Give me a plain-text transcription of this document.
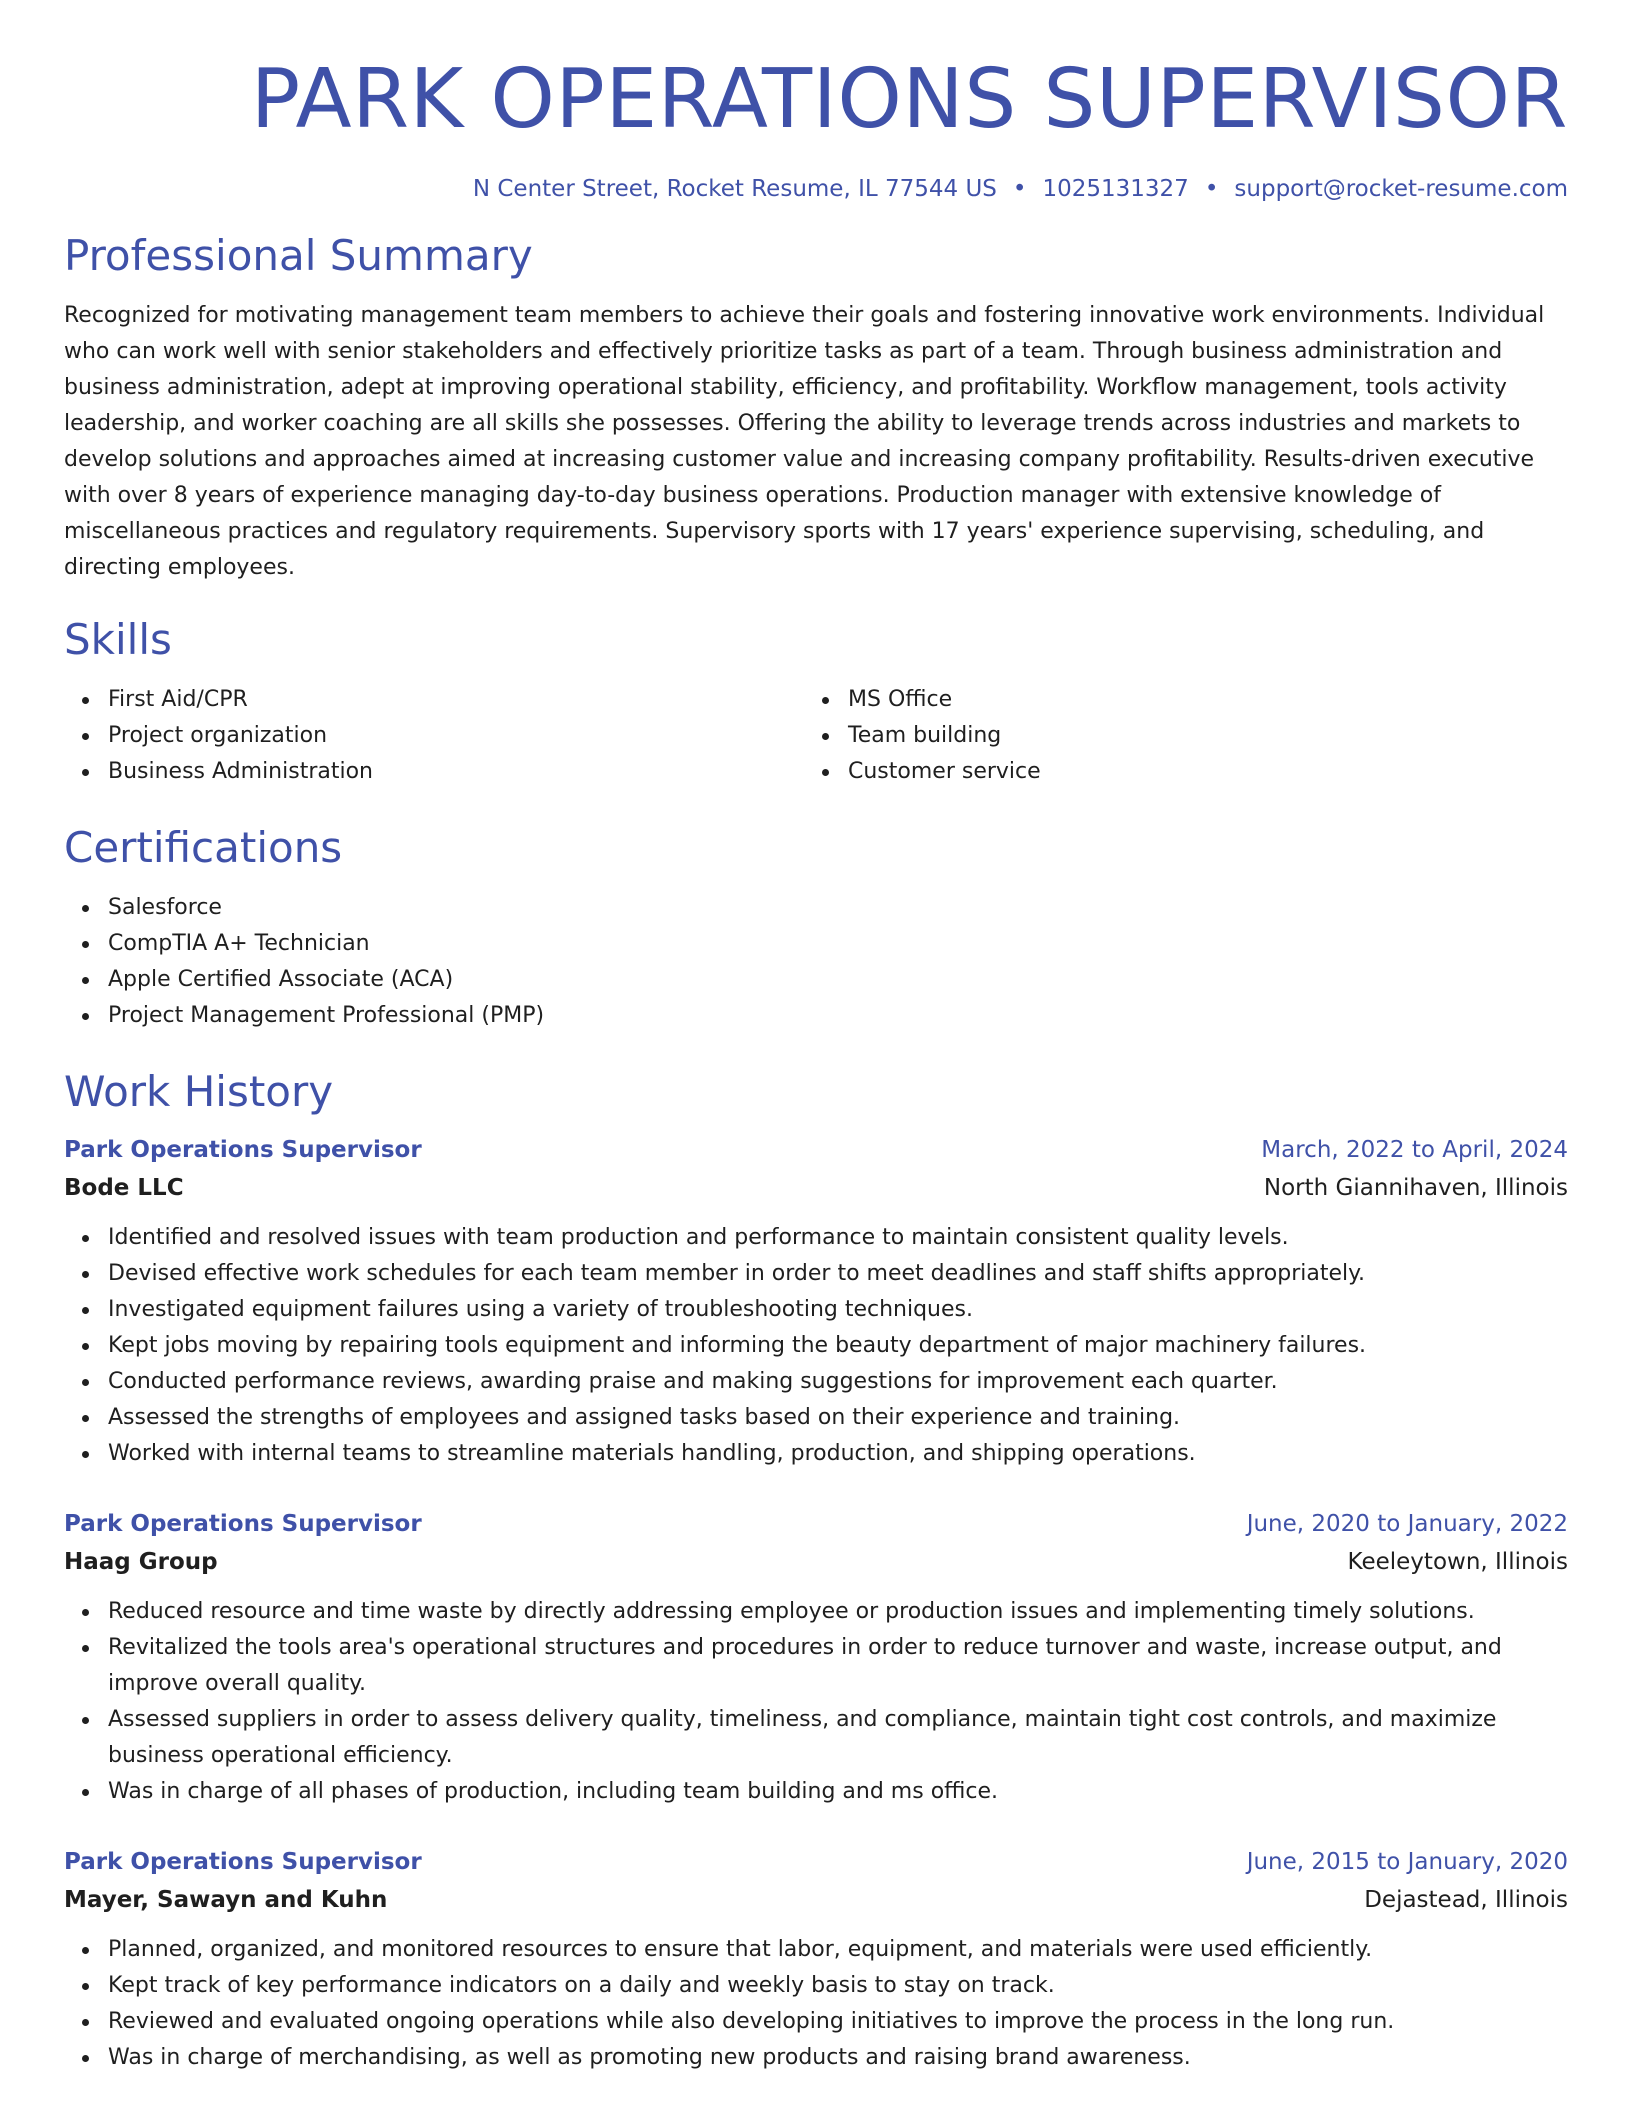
PARK OPERATIONS SUPERVISOR
N Center Street, Rocket Resume, IL 77544 US • 1025131327 • support@rocket-resume.com
Professional Summary

Recognized for motivating management team members to achieve their goals and fostering innovative work environments. Individual who can work well with senior stakeholders and effectively prioritize tasks as part of a team. Through business administration and business administration, adept at improving operational stability, efficiency, and profitability. Workflow management, tools activity leadership, and worker coaching are all skills she possesses. Offering the ability to leverage trends across industries and markets to develop solutions and approaches aimed at increasing customer value and increasing company profitability. Results-driven executive with over 8 years of experience managing day-to-day business operations. Production manager with extensive knowledge of miscellaneous practices and regulatory requirements. Supervisory sports with 17 years' experience supervising, scheduling, and directing employees.

Skills
First Aid/CPR
Project organization
Business Administration
MS Office
Team building
Customer service
Certifications
Salesforce
CompTIA A+ Technician
Apple Certified Associate (ACA)
Project Management Professional (PMP)
Work History
Park Operations Supervisor	March, 2022 to April, 2024
Bode LLC	North Giannihaven, Illinois
Identified and resolved issues with team production and performance to maintain consistent quality levels.
Devised effective work schedules for each team member in order to meet deadlines and staff shifts appropriately.
Investigated equipment failures using a variety of troubleshooting techniques.
Kept jobs moving by repairing tools equipment and informing the beauty department of major machinery failures.
Conducted performance reviews, awarding praise and making suggestions for improvement each quarter.
Assessed the strengths of employees and assigned tasks based on their experience and training.
Worked with internal teams to streamline materials handling, production, and shipping operations.
Park Operations Supervisor	June, 2020 to January, 2022
Haag Group	Keeleytown, Illinois
Reduced resource and time waste by directly addressing employee or production issues and implementing timely solutions.
Revitalized the tools area's operational structures and procedures in order to reduce turnover and waste, increase output, and improve overall quality.
Assessed suppliers in order to assess delivery quality, timeliness, and compliance, maintain tight cost controls, and maximize business operational efficiency.
Was in charge of all phases of production, including team building and ms office.
Park Operations Supervisor	June, 2015 to January, 2020
Mayer, Sawayn and Kuhn	Dejastead, Illinois
Planned, organized, and monitored resources to ensure that labor, equipment, and materials were used efficiently.
Kept track of key performance indicators on a daily and weekly basis to stay on track.
Reviewed and evaluated ongoing operations while also developing initiatives to improve the process in the long run.
Was in charge of merchandising, as well as promoting new products and raising brand awareness.
